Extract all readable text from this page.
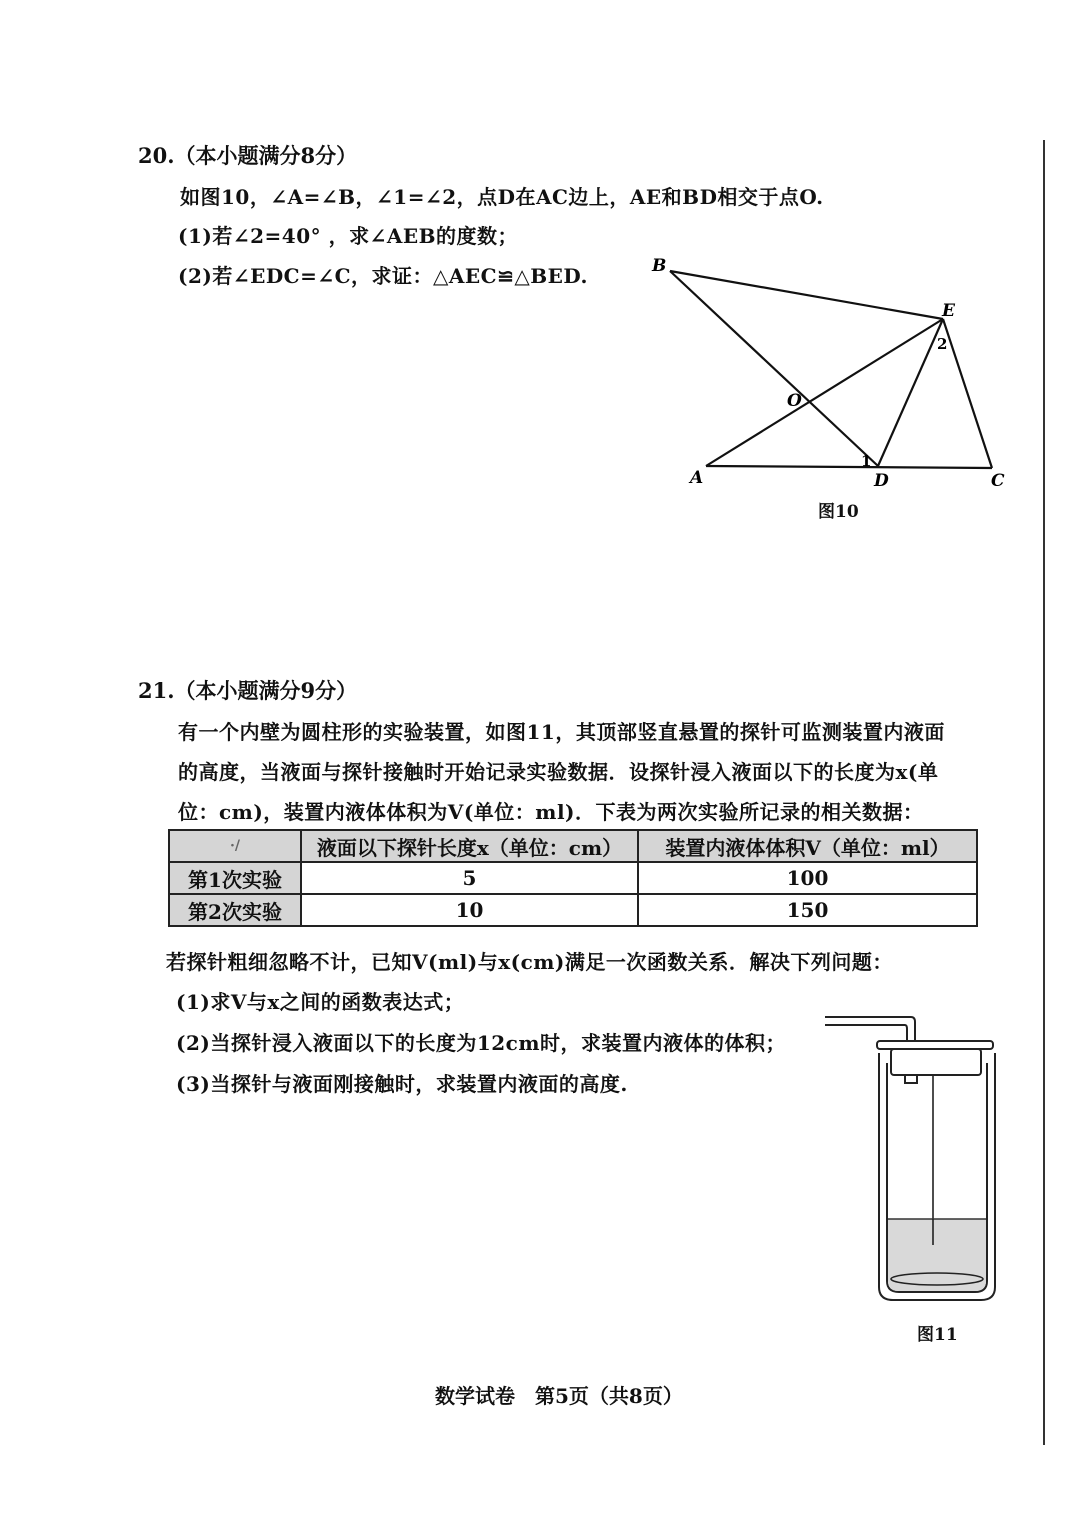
20.（本小题满分8分）
如图10，∠A=∠B，∠1=∠2，点D在AC边上，AE和BD相交于点O.
(1)若∠2=40° ，求∠AEB的度数；
(2)若∠EDC=∠C，求证：△AEC≌△BED.	B
E
O
A	D	C
1
2
图10
21.（本小题满分9分）
有一个内壁为圆柱形的实验装置，如图11，其顶部竖直悬置的探针可监测装置内液面
的高度，当液面与探针接触时开始记录实验数据．设探针浸入液面以下的长度为x(单
位：cm)，装置内液体体积为V(单位：ml)．下表为两次实验所记录的相关数据：
·/	液面以下探针长度x（单位：cm）	装置内液体体积V（单位：ml）
第1次实验	5	100
第2次实验	10	150
若探针粗细忽略不计，已知V(ml)与x(cm)满足一次函数关系．解决下列问题：
(1)求V与x之间的函数表达式；
(2)当探针浸入液面以下的长度为12cm时，求装置内液体的体积；
(3)当探针与液面刚接触时，求装置内液面的高度.
图11
数学试卷　第5页（共8页）
